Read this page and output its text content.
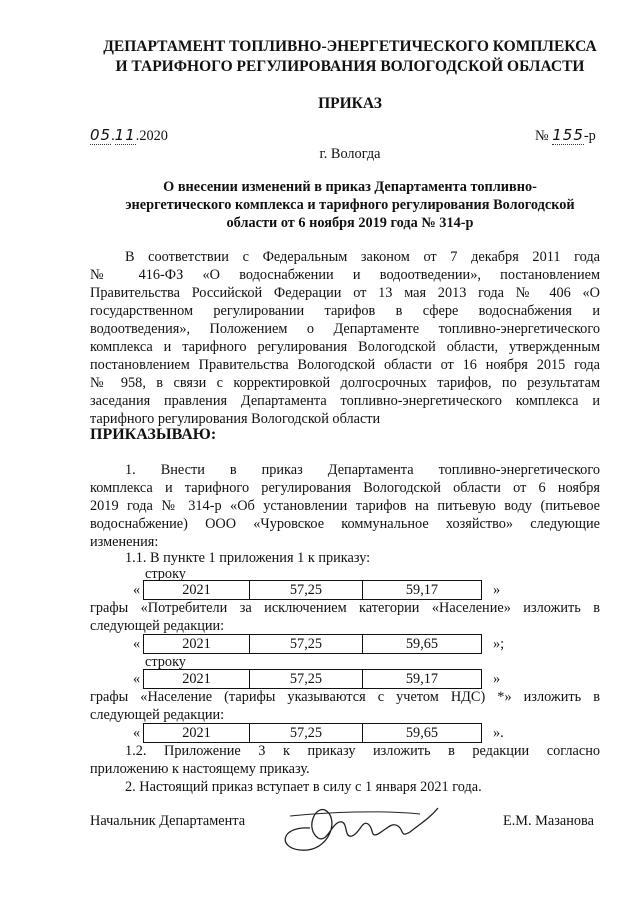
ДЕПАРТАМЕНТ ТОПЛИВНО-ЭНЕРГЕТИЧЕСКОГО КОМПЛЕКСА
И ТАРИФНОГО РЕГУЛИРОВАНИЯ ВОЛОГОДСКОЙ ОБЛАСТИ
ПРИКАЗ
05.11.2020	№ 155-р
г. Вологда
О внесении изменений в приказ Департамента топливно-
энергетического комплекса и тарифного регулирования Вологодской
области от 6 ноября 2019 года № 314-р
В соответствии с Федеральным законом от 7 декабря 2011 года
№ 416-ФЗ «О водоснабжении и водоотведении», постановлением
Правительства Российской Федерации от 13 мая 2013 года № 406 «О
государственном регулировании тарифов в сфере водоснабжения и
водоотведения», Положением о Департаменте топливно-энергетического
комплекса и тарифного регулирования Вологодской области, утвержденным
постановлением Правительства Вологодской области от 16 ноября 2015 года
№ 958, в связи с корректировкой долгосрочных тарифов, по результатам
заседания правления Департамента топливно-энергетического комплекса и
тарифного регулирования Вологодской области
ПРИКАЗЫВАЮ:
1. Внести в приказ Департамента топливно-энергетического
комплекса и тарифного регулирования Вологодской области от 6 ноября
2019 года № 314-р «Об установлении тарифов на питьевую воду (питьевое
водоснабжение) ООО «Чуровское коммунальное хозяйство» следующие
изменения:
1.1. В пункте 1 приложения 1 к приказу:
строку
«	2021	57,25	59,17	»
графы «Потребители за исключением категории «Население» изложить в
следующей редакции:
«	2021	57,25	59,65	»;
строку
«	2021	57,25	59,17	»
графы «Население (тарифы указываются с учетом НДС) *» изложить в
следующей редакции:
«	2021	57,25	59,65	».
1.2. Приложение 3 к приказу изложить в редакции согласно
приложению к настоящему приказу.
2. Настоящий приказ вступает в силу с 1 января 2021 года.
Начальник Департамента	Е.М. Мазанова
